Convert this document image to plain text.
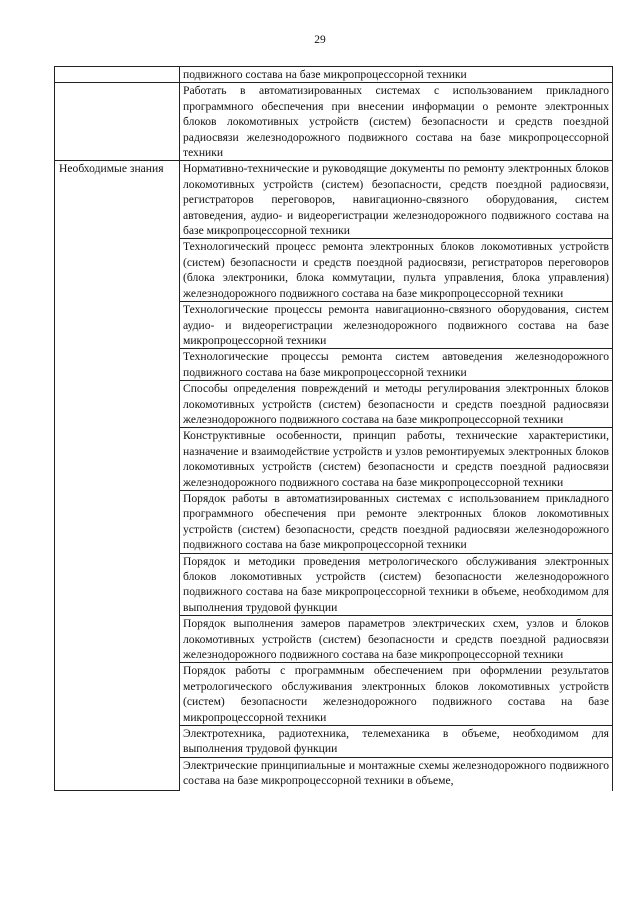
29
	подвижного состава на базе микропроцессорной техники
	Работать в автоматизированных системах с использованием прикладного программного обеспечения при внесении информации о ремонте электронных блоков локомотивных устройств (систем) безопасности и средств поездной радиосвязи железнодорожного подвижного состава на базе микропроцессорной техники
Необходимые знания	Нормативно-технические и руководящие документы по ремонту электронных блоков локомотивных устройств (систем) безопасности, средств поездной радиосвязи, регистраторов переговоров, навигационно-связного оборудования, систем автоведения, аудио- и видеорегистрации железнодорожного подвижного состава на базе микропроцессорной техники
	Технологический процесс ремонта электронных блоков локомотивных устройств (систем) безопасности и средств поездной радиосвязи, регистраторов переговоров (блока электроники, блока коммутации, пульта управления, блока управления) железнодорожного подвижного состава на базе микропроцессорной техники
	Технологические процессы ремонта навигационно-связного оборудования, систем аудио- и видеорегистрации железнодорожного подвижного состава на базе микропроцессорной техники
	Технологические процессы ремонта систем автоведения железнодорожного подвижного состава на базе микропроцессорной техники
	Способы определения повреждений и методы регулирования электронных блоков локомотивных устройств (систем) безопасности и средств поездной радиосвязи железнодорожного подвижного состава на базе микропроцессорной техники
	Конструктивные особенности, принцип работы, технические характеристики, назначение и взаимодействие устройств и узлов ремонтируемых электронных блоков локомотивных устройств (систем) безопасности и средств поездной радиосвязи железнодорожного подвижного состава на базе микропроцессорной техники
	Порядок работы в автоматизированных системах с использованием прикладного программного обеспечения при ремонте электронных блоков локомотивных устройств (систем) безопасности, средств поездной радиосвязи железнодорожного подвижного состава на базе микропроцессорной техники
	Порядок и методики проведения метрологического обслуживания электронных блоков локомотивных устройств (систем) безопасности железнодорожного подвижного состава на базе микропроцессорной техники в объеме, необходимом для выполнения трудовой функции
	Порядок выполнения замеров параметров электрических схем, узлов и блоков локомотивных устройств (систем) безопасности и средств поездной радиосвязи железнодорожного подвижного состава на базе микропроцессорной техники
	Порядок работы с программным обеспечением при оформлении результатов метрологического обслуживания электронных блоков локомотивных устройств (систем) безопасности железнодорожного подвижного состава на базе микропроцессорной техники
	Электротехника, радиотехника, телемеханика в объеме, необходимом для выполнения трудовой функции
	Электрические принципиальные и монтажные схемы железнодорожного подвижного состава на базе микропроцессорной техники в объеме,
